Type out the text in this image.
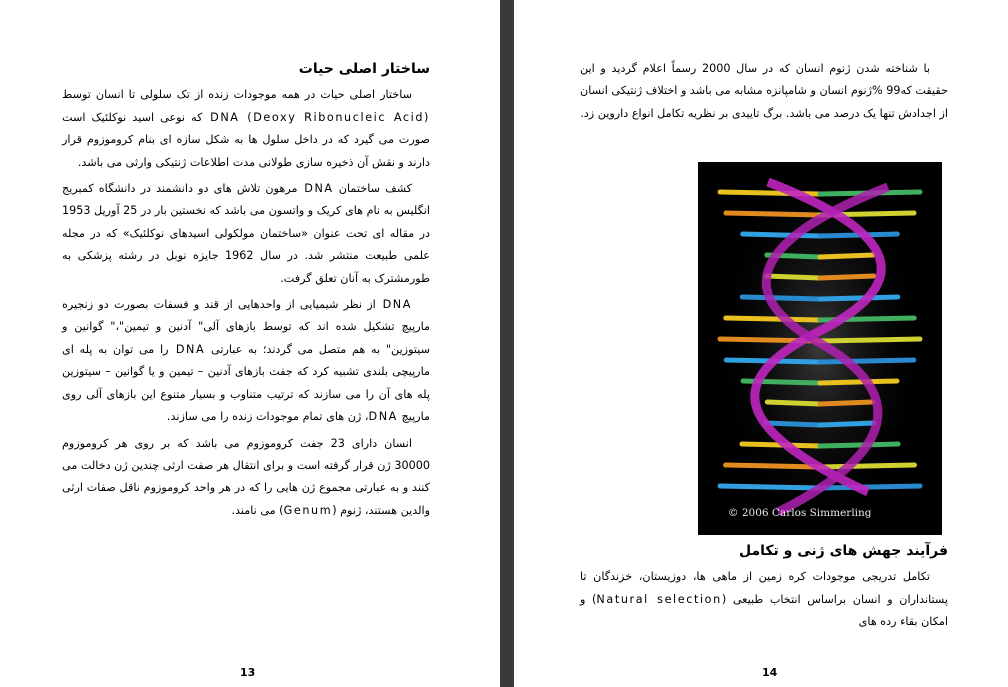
ساختار اصلی حیات

ساختار اصلی حیات در همه موجودات زنده از تک سلولی تا انسان توسط DNA (Deoxy Ribonucleic Acid) که نوعی اسید نوکلئیک است صورت می گیرد که در داخل سلول ها به شکل سازه ای بنام کروموزوم قرار دارند و نقش آن ذخیره سازی طولانی مدت اطلاعات ژنتیکی وارثی می باشد.

کشف ساختمان DNA مرهون تلاش های دو دانشمند در دانشگاه کمبریج انگلیس به نام های کریک و واتسون می باشد که نخستین بار در 25 آوریل 1953 در مقاله ای تحت عنوان «ساختمان مولکولی اسیدهای نوکلئیک» که در مجله علمی طبیعت منتشر شد. در سال 1962 جایزه نوبل در رشته پزشکی به طورمشترک به آنان تعلق گرفت.

DNA از نظر شیمیایی از واحدهایی از قند و فسفات بصورت دو زنجیره مارپیچ تشکیل شده اند که توسط بازهای آلی" آدنین و تیمین"،" گوانین و سیتوزین" به هم متصل می گردند؛ به عبارتی DNA را می توان به پله ای مارپیچی بلندی تشبیه کرد که جفت بازهای آدنین – تیمین و یا گوانین – سیتوزین پله های آن را می سازند که ترتیب متناوب و بسیار متنوع این بازهای آلی روی مارپیچ DNA، ژن های تمام موجودات زنده را می سازند.

انسان دارای 23 جفت کروموزوم می باشد که بر روی هر کروموزوم 30000 ژن قرار گرفته است و برای انتقال هر صفت ارثی چندین ژن دخالت می کنند و به عبارتی مجموع ژن هایی را که در هر واحد کروموزوم ناقل صفات ارثی والدین هستند، ژنوم (Genum) می نامند.

13

با شناخته شدن ژنوم انسان که در سال 2000 رسماً اعلام گردید و این حقیقت که99 %ژنوم انسان و شامپانزه مشابه می باشد و اختلاف ژنتیکی انسان از اجدادش تنها یک درصد می باشد. برگ تاییدی بر نظریه تکامل انواع داروین زد.

© 2006 Carlos Simmerling
فرآیند جهش های ژنی و تکامل

تکامل تدریجی موجودات کره زمین از ماهی ها، دوزیستان، خزندگان تا پستانداران و انسان براساس انتخاب طبیعی (Natural selection) و امکان بقاء رده های

14
